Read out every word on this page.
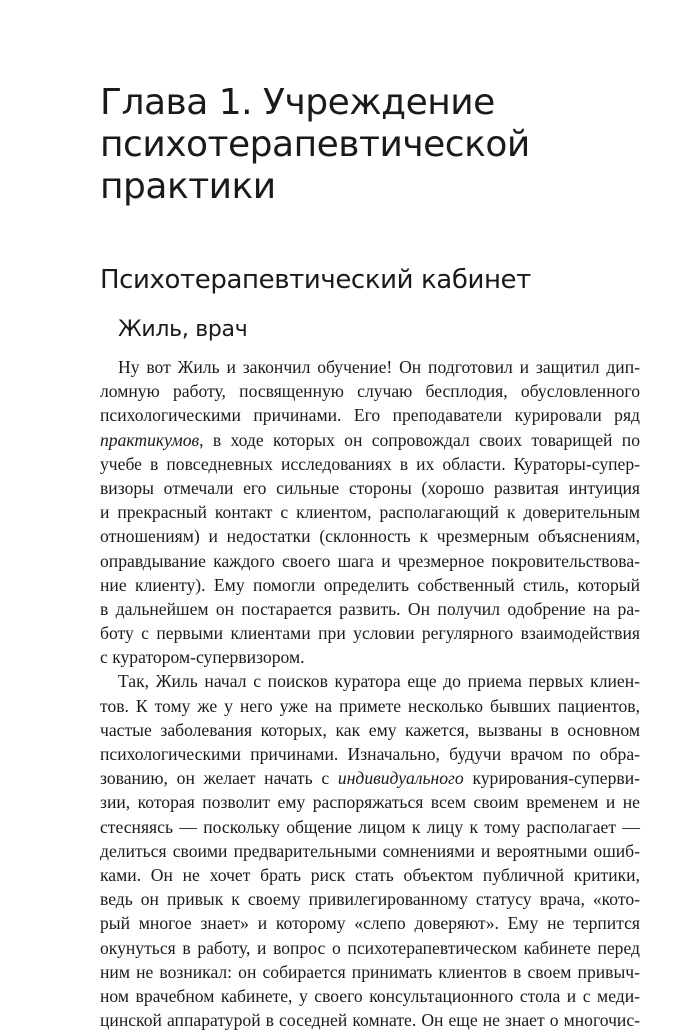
Глава 1. Учреждение
психотерапевтической
практики
Психотерапевтический кабинет
Жиль, врач
Ну вот Жиль и закончил обучение! Он подготовил и защитил дип-
ломную работу, посвященную случаю бесплодия, обусловленного
психологическими причинами. Его преподаватели курировали ряд
практикумов, в ходе которых он сопровождал своих товарищей по
учебе в повседневных исследованиях в их области. Кураторы-супер-
визоры отмечали его сильные стороны (хорошо развитая интуиция
и прекрасный контакт с клиентом, располагающий к доверительным
отношениям) и недостатки (склонность к чрезмерным объяснениям,
оправдывание каждого своего шага и чрезмерное покровительствова-
ние клиенту). Ему помогли определить собственный стиль, который
в дальнейшем он постарается развить. Он получил одобрение на ра-
боту с первыми клиентами при условии регулярного взаимодействия
с куратором-супервизором.
Так, Жиль начал с поисков куратора еще до приема первых клиен-
тов. К тому же у него уже на примете несколько бывших пациентов,
частые заболевания которых, как ему кажется, вызваны в основном
психологическими причинами. Изначально, будучи врачом по обра-
зованию, он желает начать с индивидуального курирования-суперви-
зии, которая позволит ему распоряжаться всем своим временем и не
стесняясь — поскольку общение лицом к лицу к тому располагает —
делиться своими предварительными сомнениями и вероятными ошиб-
ками. Он не хочет брать риск стать объектом публичной критики,
ведь он привык к своему привилегированному статусу врача, «кото-
рый многое знает» и которому «слепо доверяют». Ему не терпится
окунуться в работу, и вопрос о психотерапевтическом кабинете перед
ним не возникал: он собирается принимать клиентов в своем привыч-
ном врачебном кабинете, у своего консультационного стола и с меди-
цинской аппаратурой в соседней комнате. Он еще не знает о многочис-
